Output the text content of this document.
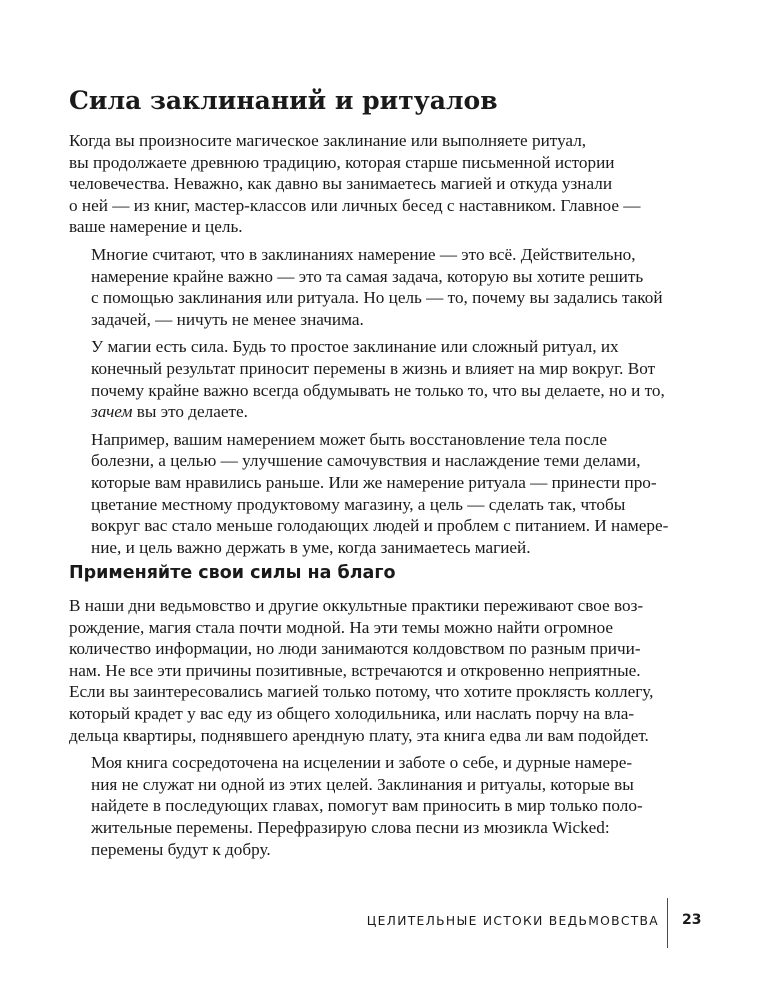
Сила заклинаний и ритуалов

Когда вы произносите магическое заклинание или выполняете ритуал,
вы продолжаете древнюю традицию, которая старше письменной истории
человечества. Неважно, как давно вы занимаетесь магией и откуда узнали
о ней — из книг, мастер-классов или личных бесед с наставником. Главное —
ваше намерение и цель.

Многие считают, что в заклинаниях намерение — это всё. Действительно,
намерение крайне важно — это та самая задача, которую вы хотите решить
с помощью заклинания или ритуала. Но цель — то, почему вы задались такой
задачей, — ничуть не менее значима.

У магии есть сила. Будь то простое заклинание или сложный ритуал, их
конечный результат приносит перемены в жизнь и влияет на мир вокруг. Вот
почему крайне важно всегда обдумывать не только то, что вы делаете, но и то,
зачем вы это делаете.

Например, вашим намерением может быть восстановление тела после
болезни, а целью — улучшение самочувствия и наслаждение теми делами,
которые вам нравились раньше. Или же намерение ритуала — принести про-
цветание местному продуктовому магазину, а цель — сделать так, чтобы
вокруг вас стало меньше голодающих людей и проблем с питанием. И намере-
ние, и цель важно держать в уме, когда занимаетесь магией.

Применяйте свои силы на благо

В наши дни ведьмовство и другие оккультные практики переживают свое воз-
рождение, магия стала почти модной. На эти темы можно найти огромное
количество информации, но люди занимаются колдовством по разным причи-
нам. Не все эти причины позитивные, встречаются и откровенно неприятные.
Если вы заинтересовались магией только потому, что хотите проклясть коллегу,
который крадет у вас еду из общего холодильника, или наслать порчу на вла-
дельца квартиры, поднявшего арендную плату, эта книга едва ли вам подойдет.

Моя книга сосредоточена на исцелении и заботе о себе, и дурные намере-
ния не служат ни одной из этих целей. Заклинания и ритуалы, которые вы
найдете в последующих главах, помогут вам приносить в мир только поло-
жительные перемены. Перефразирую слова песни из мюзикла Wicked:
перемены будут к добру.

ЦЕЛИТЕЛЬНЫЕ ИСТОКИ ВЕДЬМОВСТВА 23
